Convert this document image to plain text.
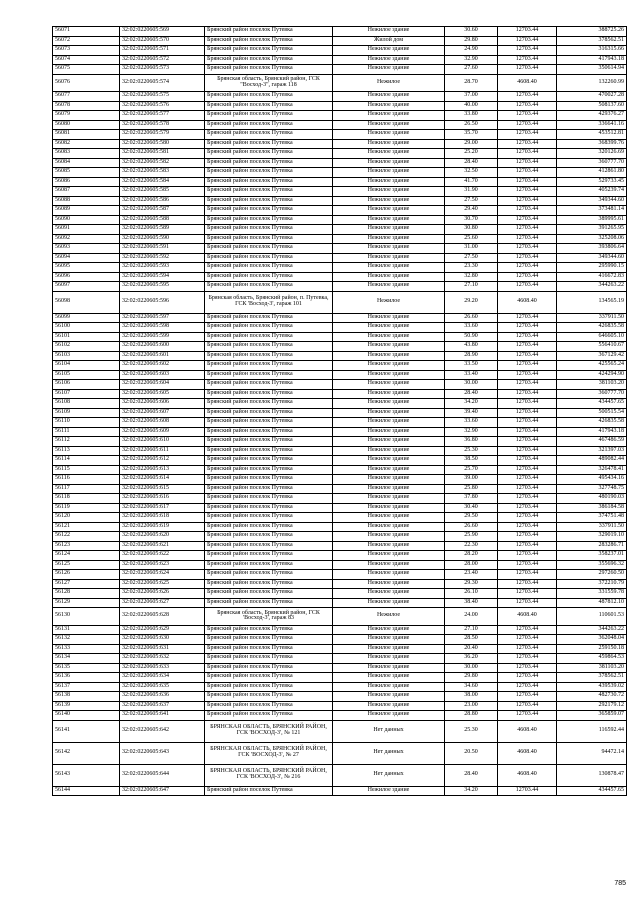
56071	32:02:0220605:569	Брянский район поселок Путевка	Нежилое здание	30.60	12703.44	388725.26
56072	32:02:0220605:570	Брянский район поселок Путевка	Жилой дом	29.80	12703.44	378562.51
56073	32:02:0220605:571	Брянский район поселок Путевка	Нежилое здание	24.90	12703.44	316315.66
56074	32:02:0220605:572	Брянский район поселок Путевка	Нежилое здание	32.90	12703.44	417943.18
56075	32:02:0220605:573	Брянский район поселок Путевка	Нежилое здание	27.60	12703.44	350614.94
56076	32:02:0220605:574	Брянская область, Брянский район, ГСК "Восход-3", гараж 118	Нежилое	28.70	4608.40	132260.99
56077	32:02:0220605:575	Брянский район поселок Путевка	Нежилое здание	37.00	12703.44	470027.28
56078	32:02:0220605:576	Брянский район поселок Путевка	Нежилое здание	40.00	12703.44	508137.60
56079	32:02:0220605:577	Брянский район поселок Путевка	Нежилое здание	33.80	12703.44	429376.27
56080	32:02:0220605:578	Брянский район поселок Путевка	Нежилое здание	26.50	12703.44	336641.16
56081	32:02:0220605:579	Брянский район поселок Путевка	Нежилое здание	35.70	12703.44	453512.81
56082	32:02:0220605:580	Брянский район поселок Путевка	Нежилое здание	29.00	12703.44	368399.76
56083	32:02:0220605:581	Брянский район поселок Путевка	Нежилое здание	25.20	12703.44	320126.69
56084	32:02:0220605:582	Брянский район поселок Путевка	Нежилое здание	28.40	12703.44	360777.70
56085	32:02:0220605:583	Брянский район поселок Путевка	Нежилое здание	32.50	12703.44	412861.80
56086	32:02:0220605:584	Брянский район поселок Путевка	Нежилое здание	41.70	12703.44	529733.45
56087	32:02:0220605:585	Брянский район поселок Путевка	Нежилое здание	31.90	12703.44	405239.74
56088	32:02:0220605:586	Брянский район поселок Путевка	Нежилое здание	27.50	12703.44	349344.60
56089	32:02:0220605:587	Брянский район поселок Путевка	Нежилое здание	29.40	12703.44	373481.14
56090	32:02:0220605:588	Брянский район поселок Путевка	Нежилое здание	30.70	12703.44	389995.61
56091	32:02:0220605:589	Брянский район поселок Путевка	Нежилое здание	30.80	12703.44	391265.95
56092	32:02:0220605:590	Брянский район поселок Путевка	Нежилое здание	25.60	12703.44	325208.06
56093	32:02:0220605:591	Брянский район поселок Путевка	Нежилое здание	31.00	12703.44	393806.64
56094	32:02:0220605:592	Брянский район поселок Путевка	Нежилое здание	27.50	12703.44	349344.60
56095	32:02:0220605:593	Брянский район поселок Путевка	Нежилое здание	23.30	12703.44	295990.15
56096	32:02:0220605:594	Брянский район поселок Путевка	Нежилое здание	32.80	12703.44	416672.83
56097	32:02:0220605:595	Брянский район поселок Путевка	Нежилое здание	27.10	12703.44	344263.22
56098	32:02:0220605:596	Брянская область, Брянский район, п. Путевка, ГСК 'Восход-3', гараж 101	Нежилое	29.20	4608.40	134565.19
56099	32:02:0220605:597	Брянский район поселок Путевка	Нежилое здание	26.60	12703.44	337911.50
56100	32:02:0220605:598	Брянский район поселок Путевка	Нежилое здание	33.60	12703.44	426835.58
56101	32:02:0220605:599	Брянский район поселок Путевка	Нежилое здание	50.90	12703.44	646605.10
56102	32:02:0220605:600	Брянский район поселок Путевка	Нежилое здание	43.80	12703.44	556410.67
56103	32:02:0220605:601	Брянский район поселок Путевка	Нежилое здание	28.90	12703.44	367129.42
56104	32:02:0220605:602	Брянский район поселок Путевка	Нежилое здание	33.50	12703.44	425565.24
56105	32:02:0220605:603	Брянский район поселок Путевка	Нежилое здание	33.40	12703.44	424294.90
56106	32:02:0220605:604	Брянский район поселок Путевка	Нежилое здание	30.00	12703.44	381103.20
56107	32:02:0220605:605	Брянский район поселок Путевка	Нежилое здание	28.40	12703.44	360777.70
56108	32:02:0220605:606	Брянский район поселок Путевка	Нежилое здание	34.20	12703.44	434457.65
56109	32:02:0220605:607	Брянский район поселок Путевка	Нежилое здание	39.40	12703.44	500515.54
56110	32:02:0220605:608	Брянский район поселок Путевка	Нежилое здание	33.60	12703.44	426835.58
56111	32:02:0220605:609	Брянский район поселок Путевка	Нежилое здание	32.90	12703.44	417943.18
56112	32:02:0220605:610	Брянский район поселок Путевка	Нежилое здание	36.80	12703.44	467486.59
56113	32:02:0220605:611	Брянский район поселок Путевка	Нежилое здание	25.30	12703.44	321397.03
56114	32:02:0220605:612	Брянский район поселок Путевка	Нежилое здание	38.50	12703.44	489082.44
56115	32:02:0220605:613	Брянский район поселок Путевка	Нежилое здание	25.70	12703.44	326478.41
56116	32:02:0220605:614	Брянский район поселок Путевка	Нежилое здание	39.00	12703.44	495434.16
56117	32:02:0220605:615	Брянский район поселок Путевка	Нежилое здание	25.80	12703.44	327748.75
56118	32:02:0220605:616	Брянский район поселок Путевка	Нежилое здание	37.80	12703.44	480190.03
56119	32:02:0220605:617	Брянский район поселок Путевка	Нежилое здание	30.40	12703.44	386184.58
56120	32:02:0220605:618	Брянский район поселок Путевка	Нежилое здание	29.50	12703.44	374751.48
56121	32:02:0220605:619	Брянский район поселок Путевка	Нежилое здание	26.60	12703.44	337911.50
56122	32:02:0220605:620	Брянский район поселок Путевка	Нежилое здание	25.90	12703.44	329019.10
56123	32:02:0220605:621	Брянский район поселок Путевка	Нежилое здание	22.30	12703.44	283286.71
56124	32:02:0220605:622	Брянский район поселок Путевка	Нежилое здание	28.20	12703.44	358237.01
56125	32:02:0220605:623	Брянский район поселок Путевка	Нежилое здание	28.00	12703.44	355696.32
56126	32:02:0220605:624	Брянский район поселок Путевка	Нежилое здание	23.40	12703.44	297260.50
56127	32:02:0220605:625	Брянский район поселок Путевка	Нежилое здание	29.30	12703.44	372210.79
56128	32:02:0220605:626	Брянский район поселок Путевка	Нежилое здание	26.10	12703.44	331559.78
56129	32:02:0220605:627	Брянский район поселок Путевка	Нежилое здание	38.40	12703.44	487812.10
56130	32:02:0220605:628	Брянская область, Брянский район, ГСК 'Восход-3', гараж 83	Нежилое	24.00	4608.40	110601.53
56131	32:02:0220605:629	Брянский район поселок Путевка	Нежилое здание	27.10	12703.44	344263.22
56132	32:02:0220605:630	Брянский район поселок Путевка	Нежилое здание	28.50	12703.44	362048.04
56133	32:02:0220605:631	Брянский район поселок Путевка	Нежилое здание	20.40	12703.44	259150.18
56134	32:02:0220605:632	Брянский район поселок Путевка	Нежилое здание	36.20	12703.44	459864.53
56135	32:02:0220605:633	Брянский район поселок Путевка	Нежилое здание	30.00	12703.44	381103.20
56136	32:02:0220605:634	Брянский район поселок Путевка	Нежилое здание	29.80	12703.44	378562.51
56137	32:02:0220605:635	Брянский район поселок Путевка	Нежилое здание	34.60	12703.44	439539.02
56138	32:02:0220605:636	Брянский район поселок Путевка	Нежилое здание	38.00	12703.44	482730.72
56139	32:02:0220605:637	Брянский район поселок Путевка	Нежилое здание	23.00	12703.44	292179.12
56140	32:02:0220605:641	Брянский район поселок Путевка	Нежилое здание	28.80	12703.44	365859.07
56141	32:02:0220605:642	БРЯНСКАЯ ОБЛАСТЬ, БРЯНСКИЙ РАЙОН, ГСК 'ВОСХОД-3', № 121	Нет данных	25.30	4608.40	116592.44
56142	32:02:0220605:643	БРЯНСКАЯ ОБЛАСТЬ, БРЯНСКИЙ РАЙОН, ГСК 'ВОСХОД-3', № 27	Нет данных	20.50	4608.40	94472.14
56143	32:02:0220605:644	БРЯНСКАЯ ОБЛАСТЬ, БРЯНСКИЙ РАЙОН, ГСК 'ВОСХОД-3', № 216	Нет данных	28.40	4608.40	130878.47
56144	32:02:0220605:647	Брянский район поселок Путевка	Нежилое здание	34.20	12703.44	434457.65
785
